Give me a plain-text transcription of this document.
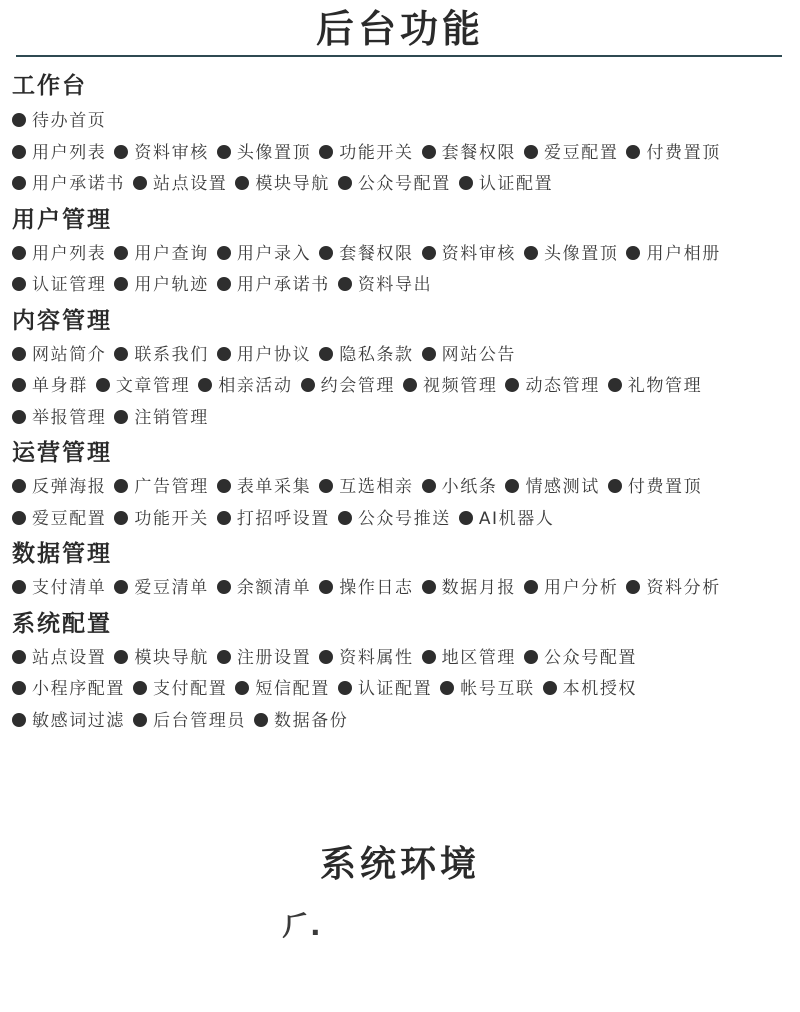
后台功能
工作台
待办首页
用户列表 资料审核 头像置顶 功能开关 套餐权限 爱豆配置 付费置顶
用户承诺书 站点设置 模块导航 公众号配置 认证配置
用户管理
用户列表 用户查询 用户录入 套餐权限 资料审核 头像置顶 用户相册
认证管理 用户轨迹 用户承诺书 资料导出
内容管理
网站简介 联系我们 用户协议 隐私条款 网站公告
单身群 文章管理 相亲活动 约会管理 视频管理 动态管理 礼物管理
举报管理 注销管理
运营管理
反弹海报 广告管理 表单采集 互选相亲 小纸条 情感测试 付费置顶
爱豆配置 功能开关 打招呼设置 公众号推送 AI机器人
数据管理
支付清单 爱豆清单 余额清单 操作日志 数据月报 用户分析 资料分析
系统配置
站点设置 模块导航 注册设置 资料属性 地区管理 公众号配置
小程序配置 支付配置 短信配置 认证配置 帐号互联 本机授权
敏感词过滤 后台管理员 数据备份
系统环境
⺁.
